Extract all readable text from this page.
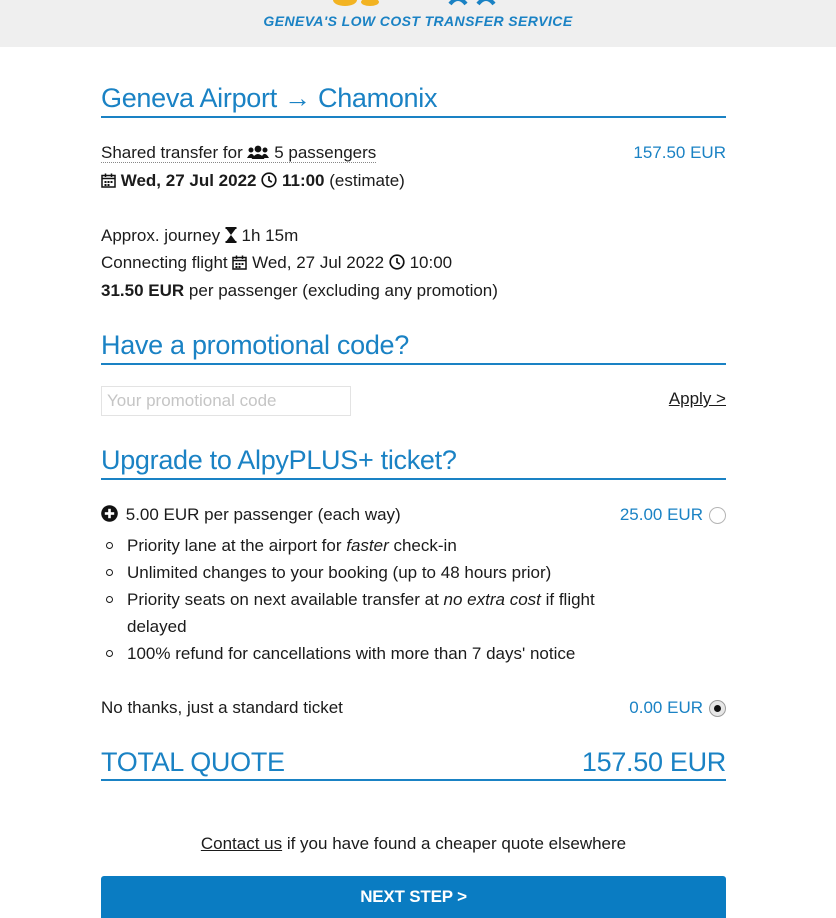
GENEVA'S LOW COST TRANSFER SERVICE
Geneva Airport → Chamonix
Shared transfer for 5 passengers	157.50 EUR
Wed, 27 Jul 2022 11:00 (estimate)
Approx. journey 1h 15m
Connecting flight Wed, 27 Jul 2022 10:00
31.50 EUR per passenger (excluding any promotion)
Have a promotional code?
Your promotional code
Apply >
Upgrade to AlpyPLUS+ ticket?
5.00 EUR per passenger (each way)	25.00 EUR
Priority lane at the airport for faster check-in
Unlimited changes to your booking (up to 48 hours prior)
Priority seats on next available transfer at no extra cost if flight delayed
100% refund for cancellations with more than 7 days' notice
No thanks, just a standard ticket	0.00 EUR
TOTAL QUOTE	157.50 EUR
Contact us if you have found a cheaper quote elsewhere
NEXT STEP >
